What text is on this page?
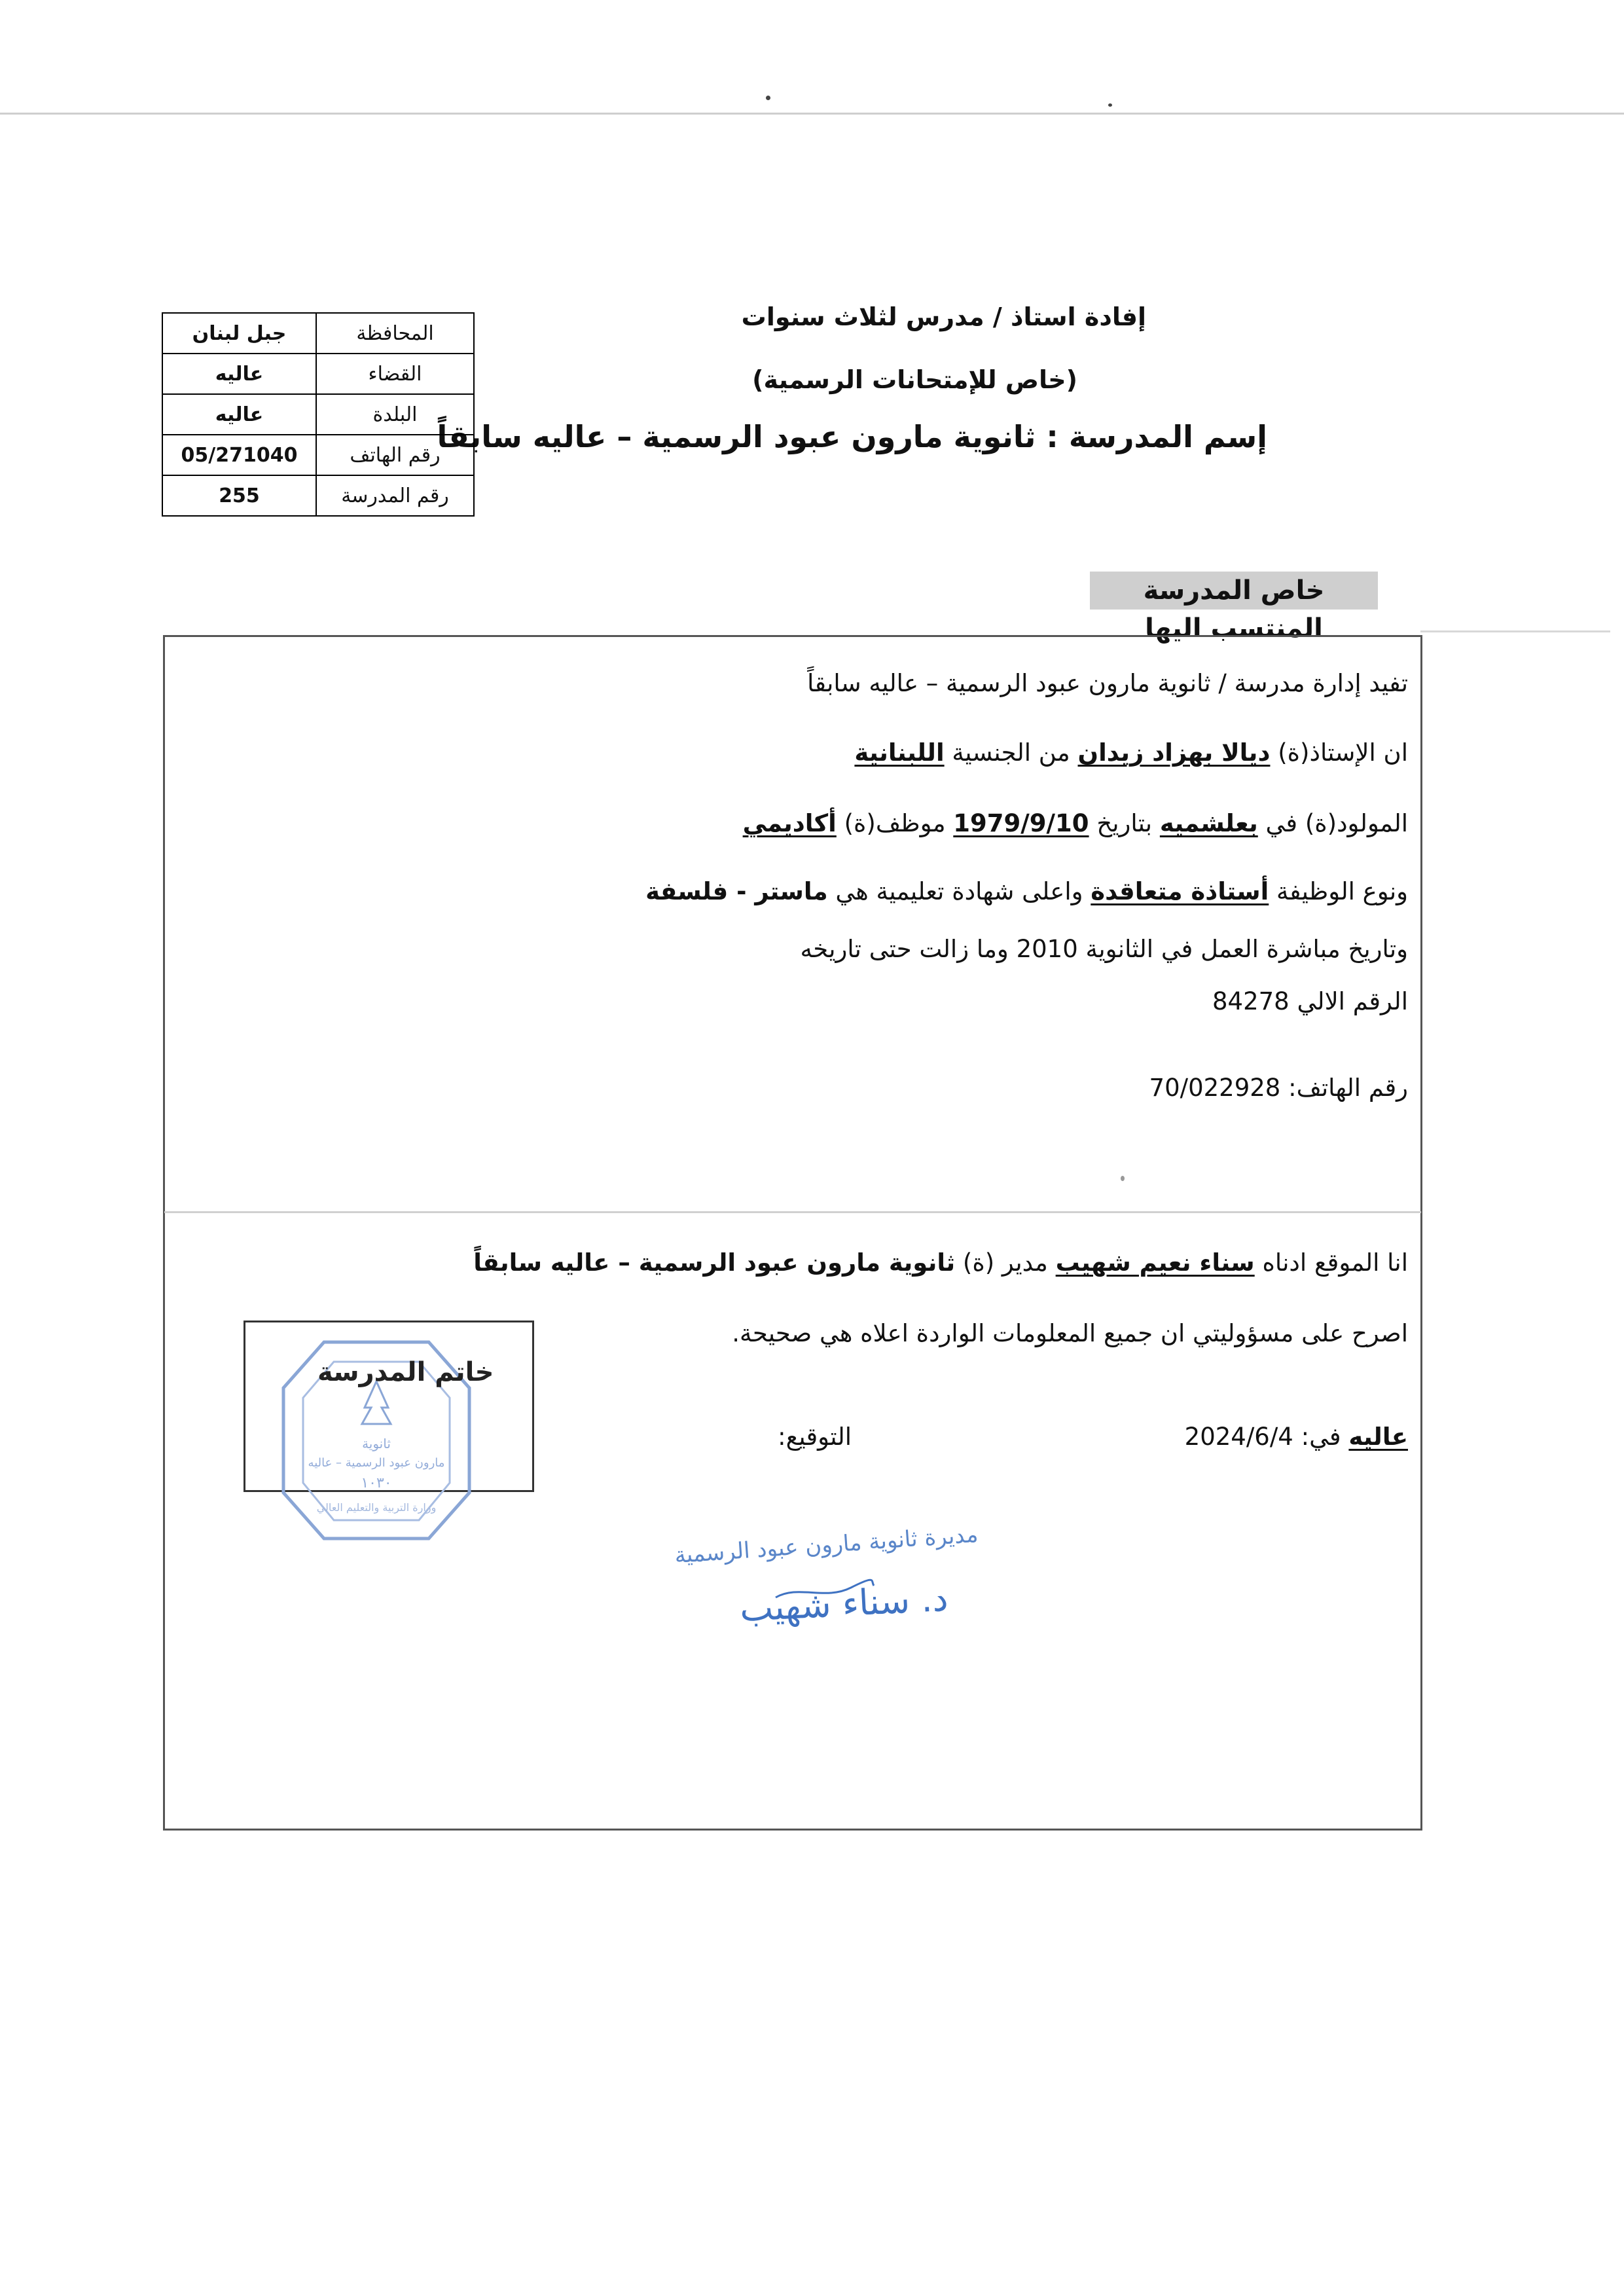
إفادة استاذ / مدرس لثلاث سنوات
(خاص للإمتحانات الرسمية)
إسم المدرسة : ثانوية مارون عبود الرسمية – عاليه سابقاً
المحافظة	جبل لبنان
القضاء	عاليه
البلدة	عاليه
رقم الهاتف	05/271040
رقم المدرسة	255
خاص المدرسة المنتسب اليها
تفيد إدارة مدرسة / ثانوية مارون عبود الرسمية – عاليه سابقاً
ان الإستاذ(ة) ديالا بهزاد زيدان من الجنسية اللبنانية
المولود(ة) في بعلشميه بتاريخ 1979/9/10 موظف(ة) أكاديمي
ونوع الوظيفة أستاذة متعاقدة واعلى شهادة تعليمية هي ماستر - فلسفة
وتاريخ مباشرة العمل في الثانوية 2010 وما زالت حتى تاريخه
الرقم الالي 84278
رقم الهاتف: 70/022928
انا الموقع ادناه سناء نعيم شهيب مدير (ة) ثانوية مارون عبود الرسمية – عاليه سابقاً
اصرح على مسؤوليتي ان جميع المعلومات الواردة اعلاه هي صحيحة.
عاليه في: 2024/6/4
التوقيع:
ثانوية
مارون عبود الرسمية – عاليه
١٠٣٠
وزارة التربية والتعليم العالي
خاتم المدرسة
مديرة ثانوية مارون عبود الرسمية
د. سناء شهيب
